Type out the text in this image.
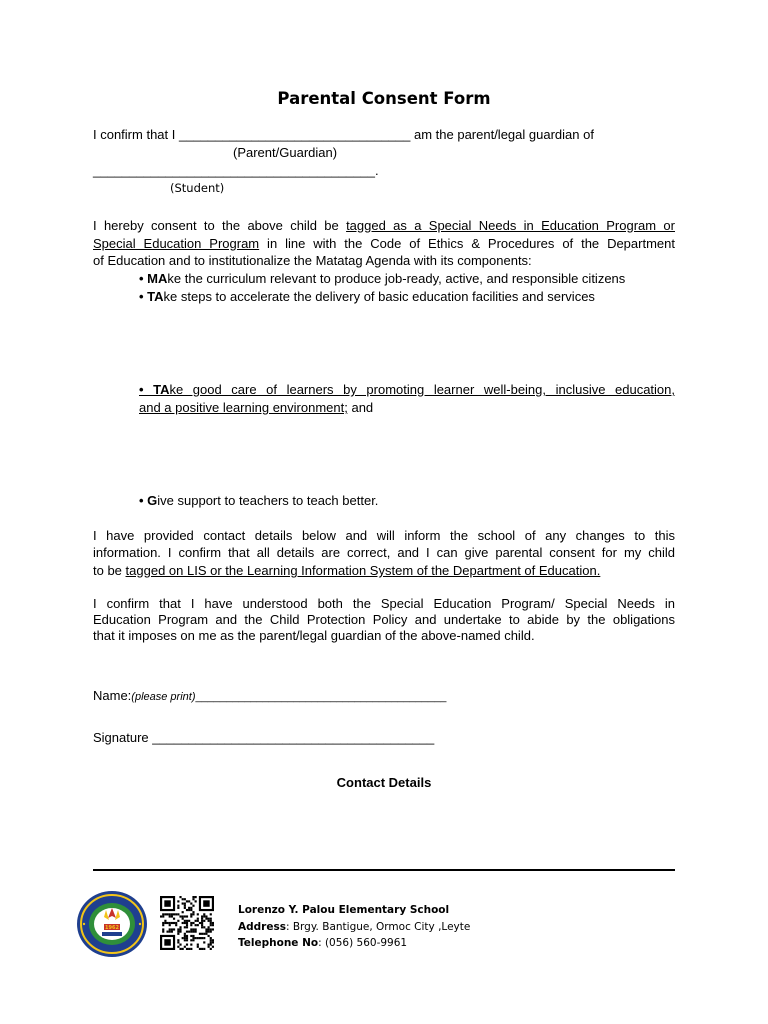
Parental Consent Form
I confirm that I ________________________________ am the parent/legal guardian of
(Parent/Guardian)
_______________________________________.
(Student)
I hereby consent to the above child be tagged as a Special Needs in Education Program or
Special Education Program in line with the Code of Ethics & Procedures of the Department
of Education and to institutionalize the Matatag Agenda with its components:
• MAke the curriculum relevant to produce job-ready, active, and responsible citizens
• TAke steps to accelerate the delivery of basic education facilities and services
• TAke good care of learners by promoting learner well-being, inclusive education,
and a positive learning environment; and
• Give support to teachers to teach better.
I have provided contact details below and will inform the school of any changes to this
information. I confirm that all details are correct, and I can give parental consent for my child
to be tagged on LIS or the Learning Information System of the Department of Education.
I confirm that I have understood both the Special Education Program/ Special Needs in
Education Program and the Child Protection Policy and undertake to abide by the obligations
that it imposes on me as the parent/legal guardian of the above-named child.
Name:(please print)_________________________________________
Signature _______________________________________
Contact Details
1962
Lorenzo Y. Palou Elementary School
Address: Brgy. Bantigue, Ormoc City ,Leyte
Telephone No: (056) 560-9961
